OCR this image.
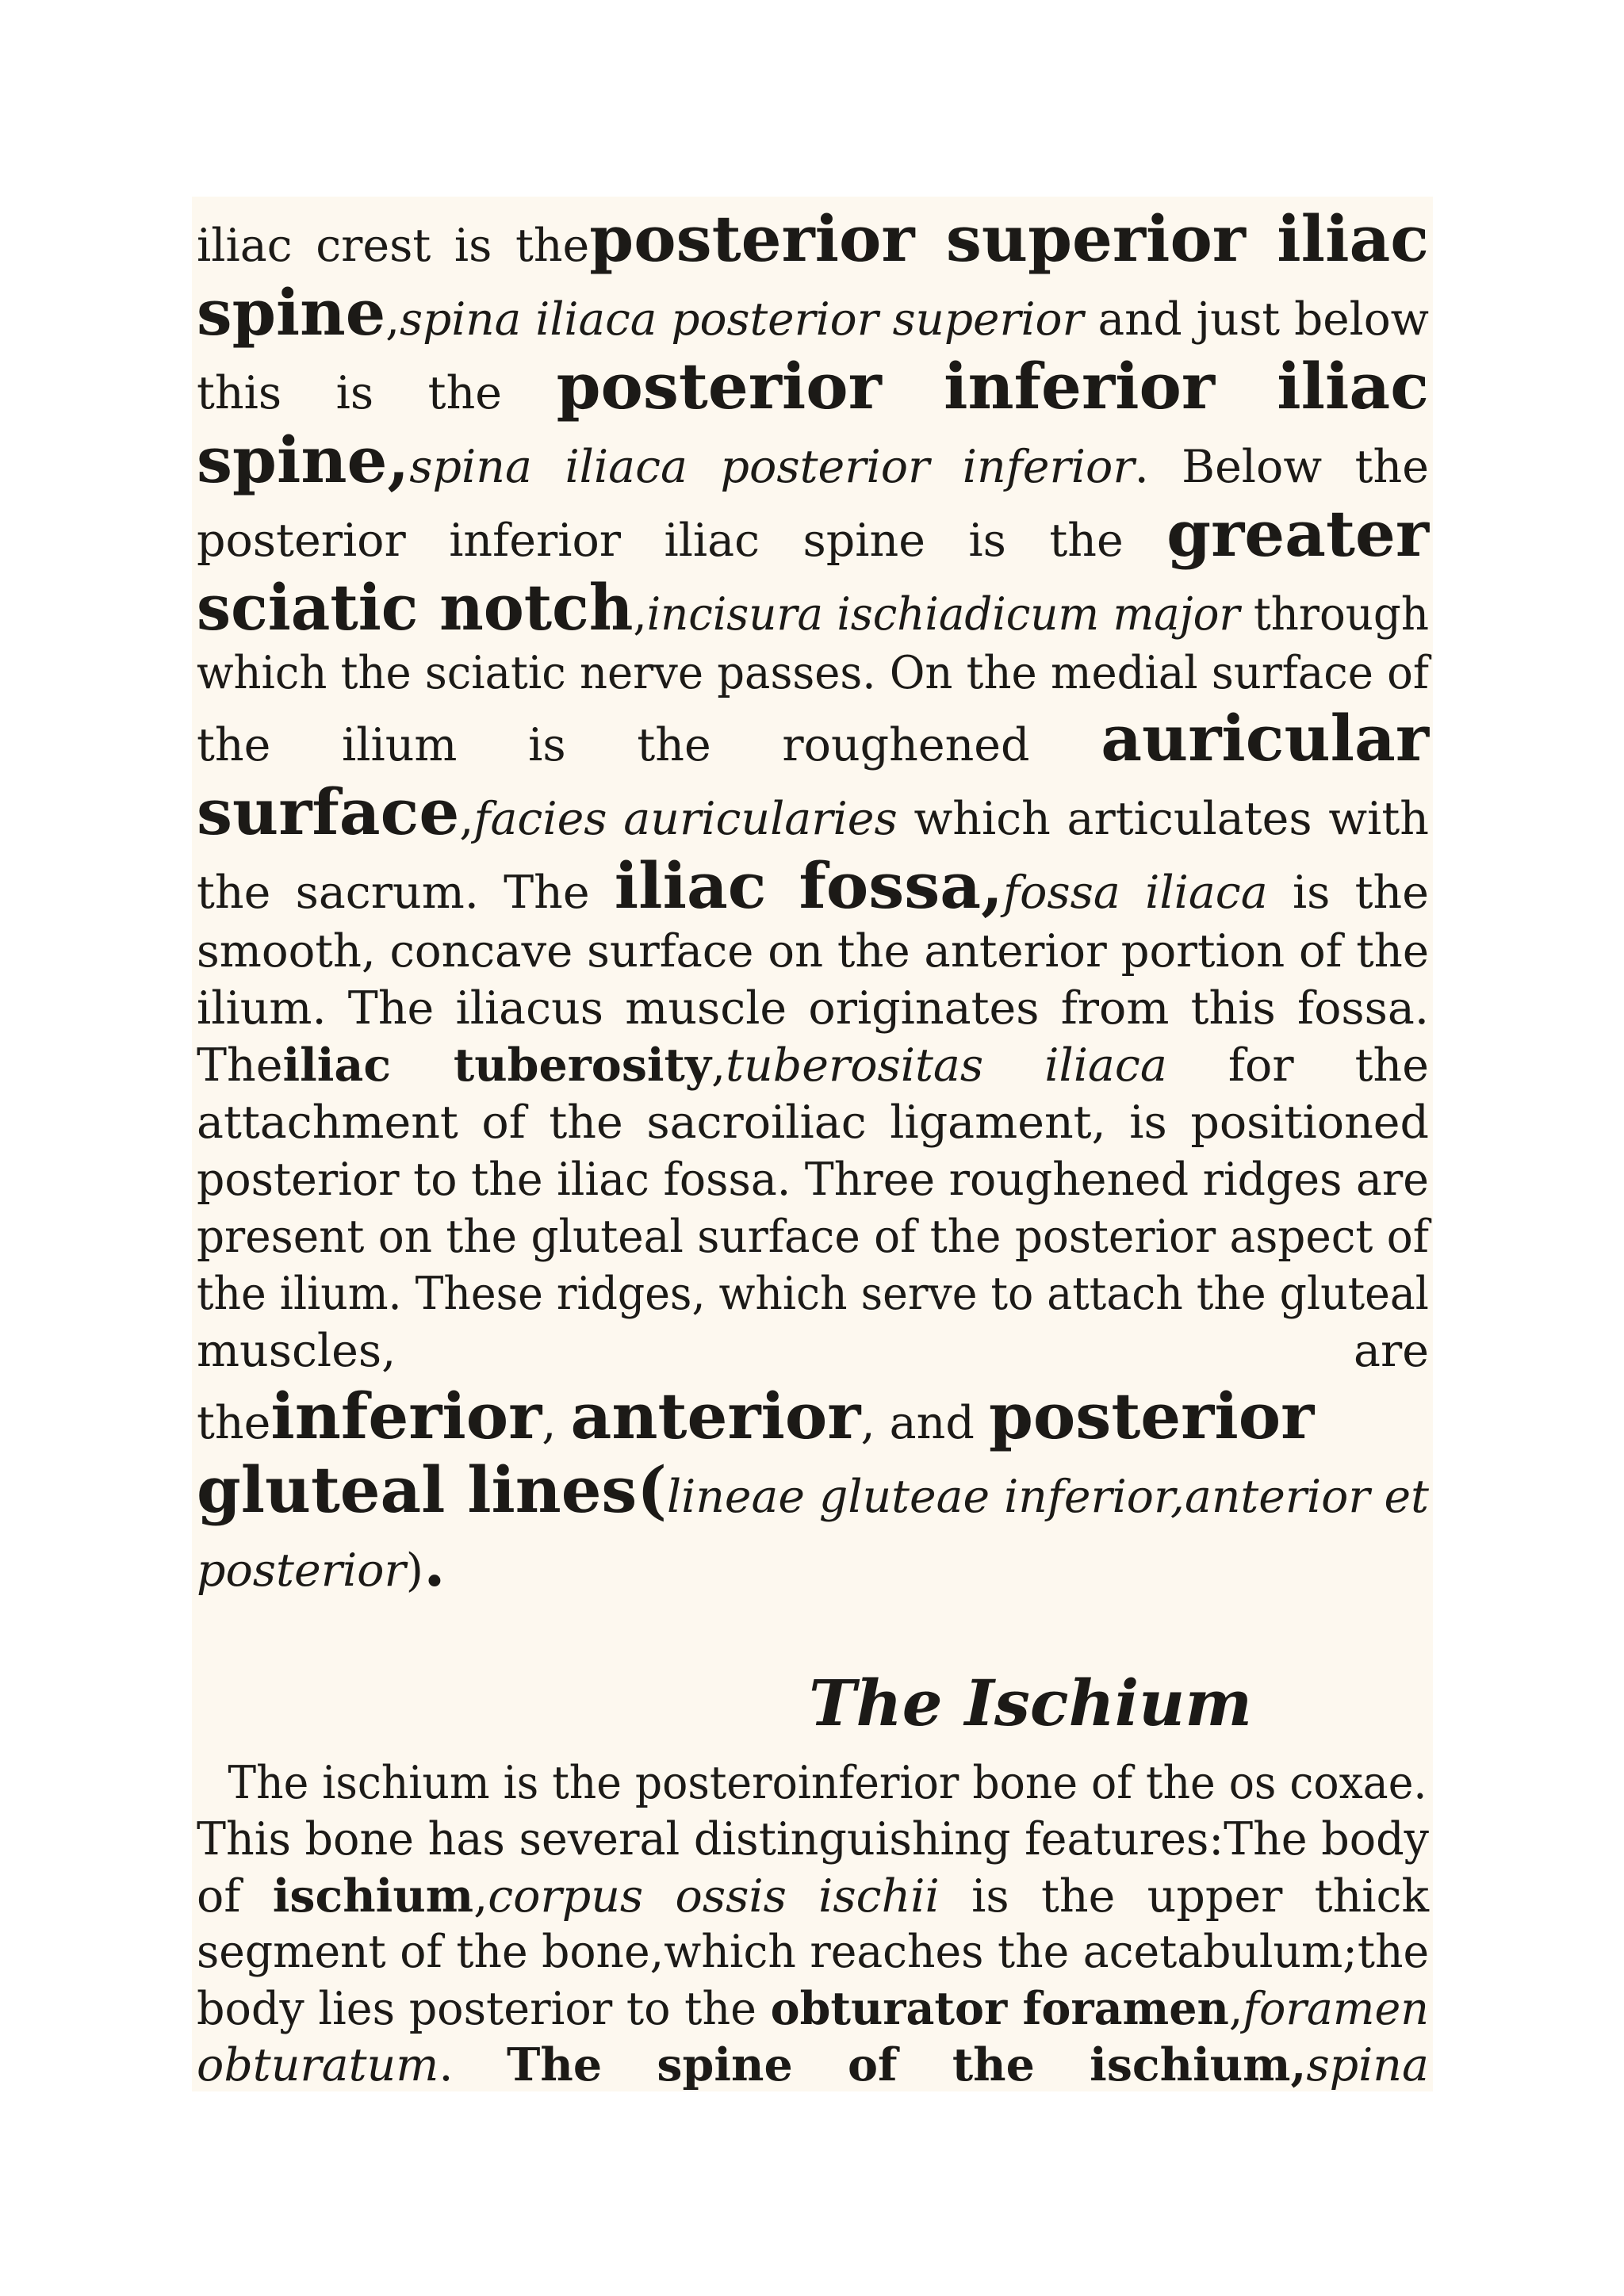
iliac crest is theposterior superior iliac
spine,spina iliaca posterior superior and just below
this is the posterior inferior iliac
spine,spina iliaca posterior inferior. Below the
posterior inferior iliac spine is the greater
sciatic notch,incisura ischiadicum major through
which the sciatic nerve passes. On the medial surface of
the ilium is the roughened auricular
surface,facies auricularies which articulates with
the sacrum. The iliac fossa,fossa iliaca is the
smooth, concave surface on the anterior portion of the
ilium. The iliacus muscle originates from this fossa.
Theiliac tuberosity,tuberositas iliaca for the
attachment of the sacroiliac ligament, is positioned
posterior to the iliac fossa. Three roughened ridges are
present on the gluteal surface of the posterior aspect of
the ilium. These ridges, which serve to attach the gluteal
muscles,	are
theinferior, anterior, and posterior
gluteal lines(lineae gluteae inferior,anterior et
posterior).
The Ischium
The ischium is the posteroinferior bone of the os coxae.
This bone has several distinguishing features:The body
of ischium,corpus ossis ischii is the upper thick
segment of the bone,which reaches the acetabulum;the
body lies posterior to the obturator foramen,foramen
obturatum. The spine of the ischium,spina
